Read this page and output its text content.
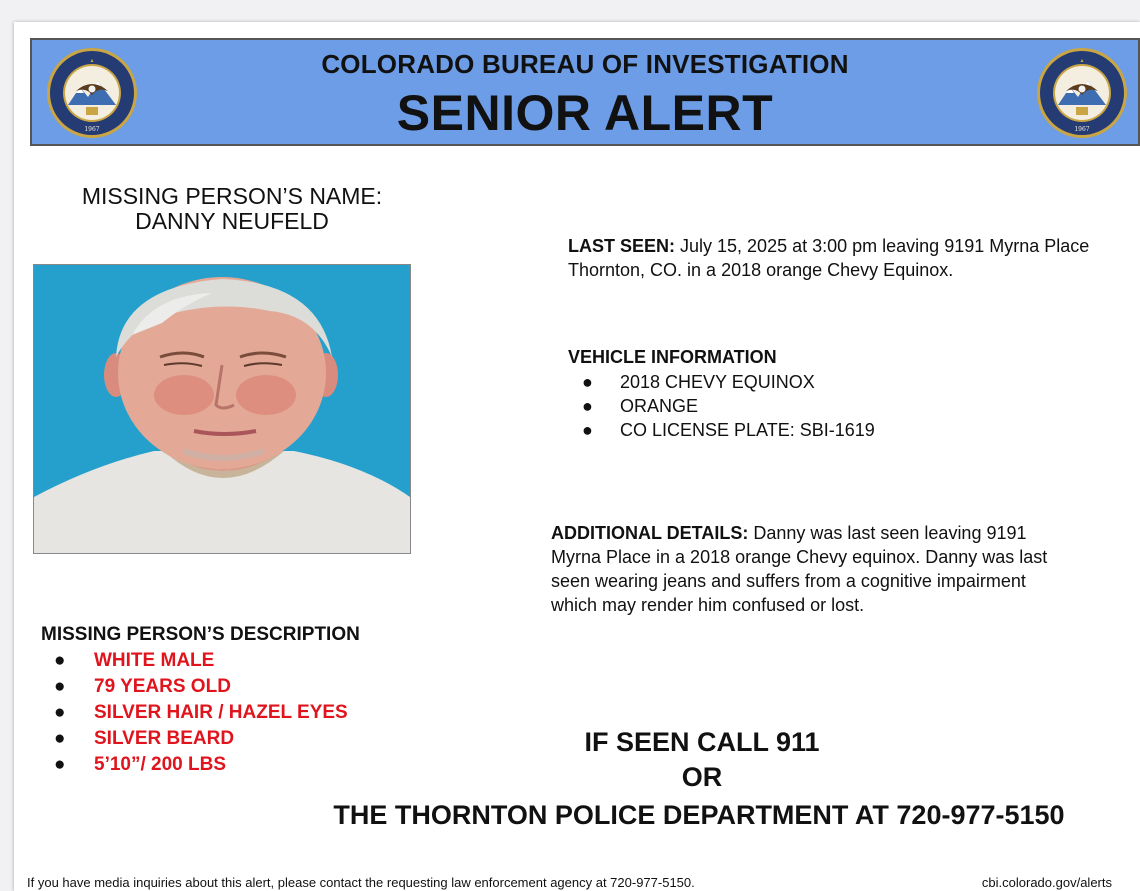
1967
COLORADO BUREAU OF INVESTIGATION
SENIOR ALERT	1967
MISSING PERSON’S NAME:
DANNY NEUFELD
MISSING PERSON’S DESCRIPTION
● WHITE MALE
● 79 YEARS OLD
● SILVER HAIR / HAZEL EYES
● SILVER BEARD
● 5’10”/ 200 LBS
LAST SEEN: July 15, 2025 at 3:00 pm leaving 9191 Myrna Place Thornton, CO. in a 2018 orange Chevy Equinox.
VEHICLE INFORMATION
● 2018 CHEVY EQUINOX
● ORANGE
● CO LICENSE PLATE: SBI-1619
ADDITIONAL DETAILS: Danny was last seen leaving 9191 Myrna Place in a 2018 orange Chevy equinox. Danny was last seen wearing jeans and suffers from a cognitive impairment which may render him confused or lost.
IF SEEN CALL 911
OR
THE THORNTON POLICE DEPARTMENT AT 720-977-5150
If you have media inquiries about this alert, please contact the requesting law enforcement agency at 720-977-5150.	cbi.colorado.gov/alerts
